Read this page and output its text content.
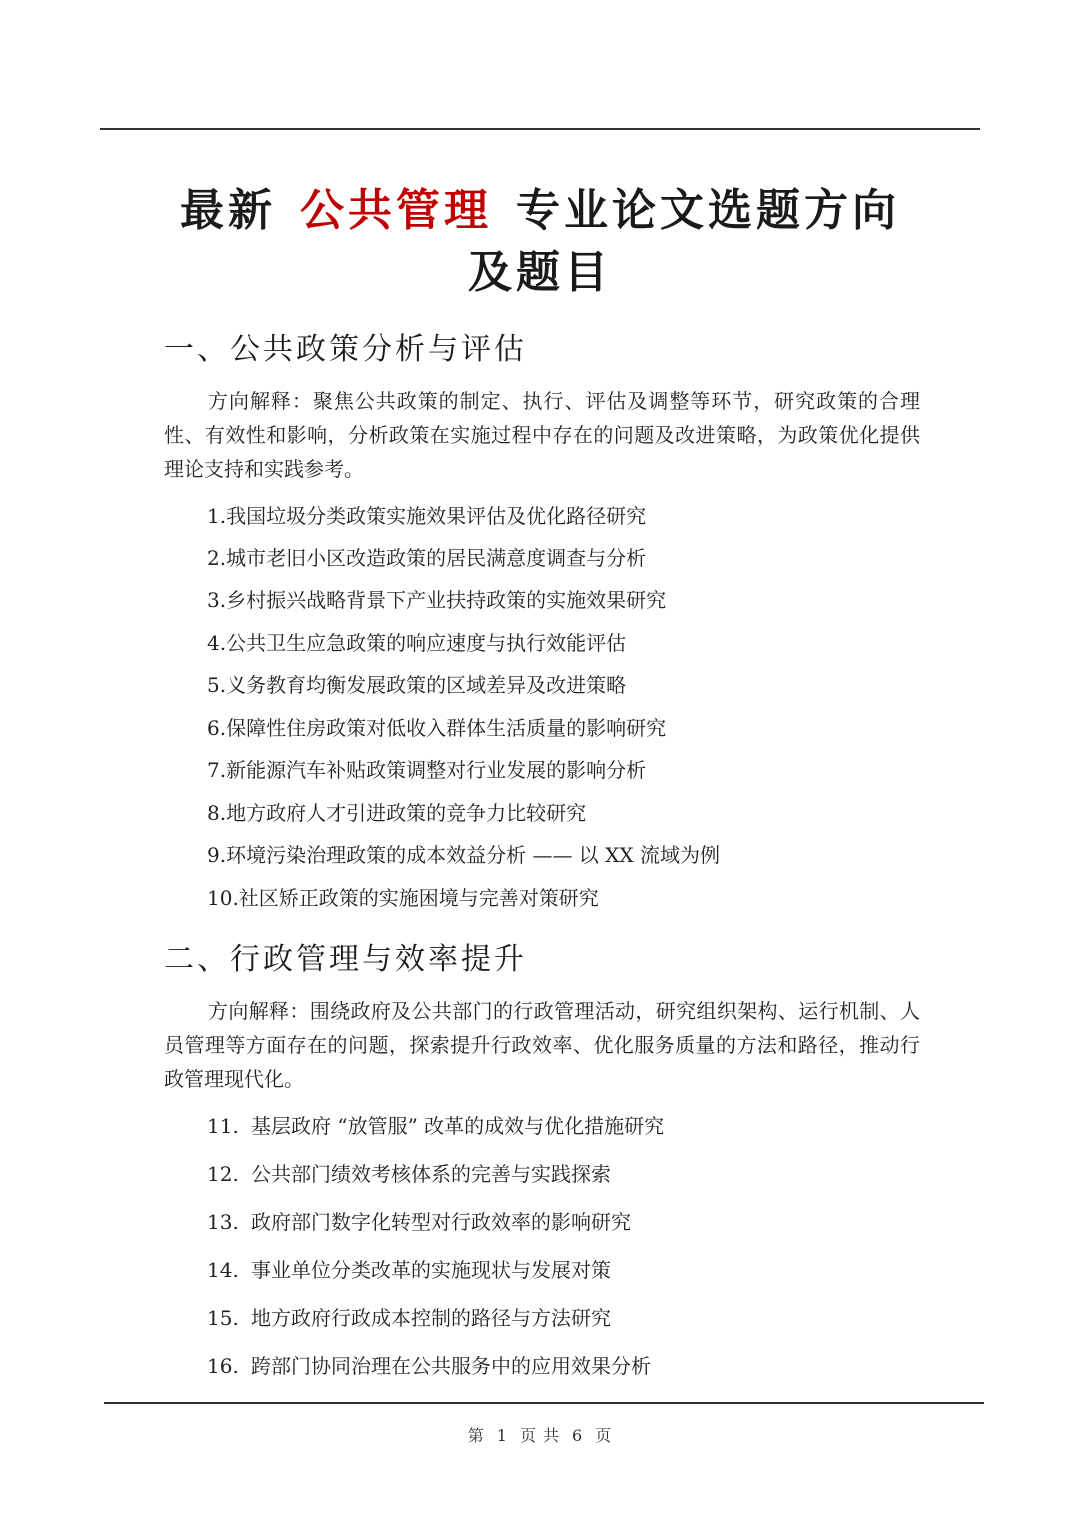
最新 公共管理 专业论文选题方向
及题目
一、公共政策分析与评估
方向解释：聚焦公共政策的制定、执行、评估及调整等环节，研究政策的合理性、有效性和影响，分析政策在实施过程中存在的问题及改进策略，为政策优化提供理论支持和实践参考。
1.我国垃圾分类政策实施效果评估及优化路径研究
2.城市老旧小区改造政策的居民满意度调查与分析
3.乡村振兴战略背景下产业扶持政策的实施效果研究
4.公共卫生应急政策的响应速度与执行效能评估
5.义务教育均衡发展政策的区域差异及改进策略
6.保障性住房政策对低收入群体生活质量的影响研究
7.新能源汽车补贴政策调整对行业发展的影响分析
8.地方政府人才引进政策的竞争力比较研究
9.环境污染治理政策的成本效益分析 —— 以 XX 流域为例
10.社区矫正政策的实施困境与完善对策研究
二、行政管理与效率提升
方向解释：围绕政府及公共部门的行政管理活动，研究组织架构、运行机制、人员管理等方面存在的问题，探索提升行政效率、优化服务质量的方法和路径，推动行政管理现代化。
11. 基层政府 “放管服” 改革的成效与优化措施研究
12. 公共部门绩效考核体系的完善与实践探索
13. 政府部门数字化转型对行政效率的影响研究
14. 事业单位分类改革的实施现状与发展对策
15. 地方政府行政成本控制的路径与方法研究
16. 跨部门协同治理在公共服务中的应用效果分析
第 1 页 共 6 页
